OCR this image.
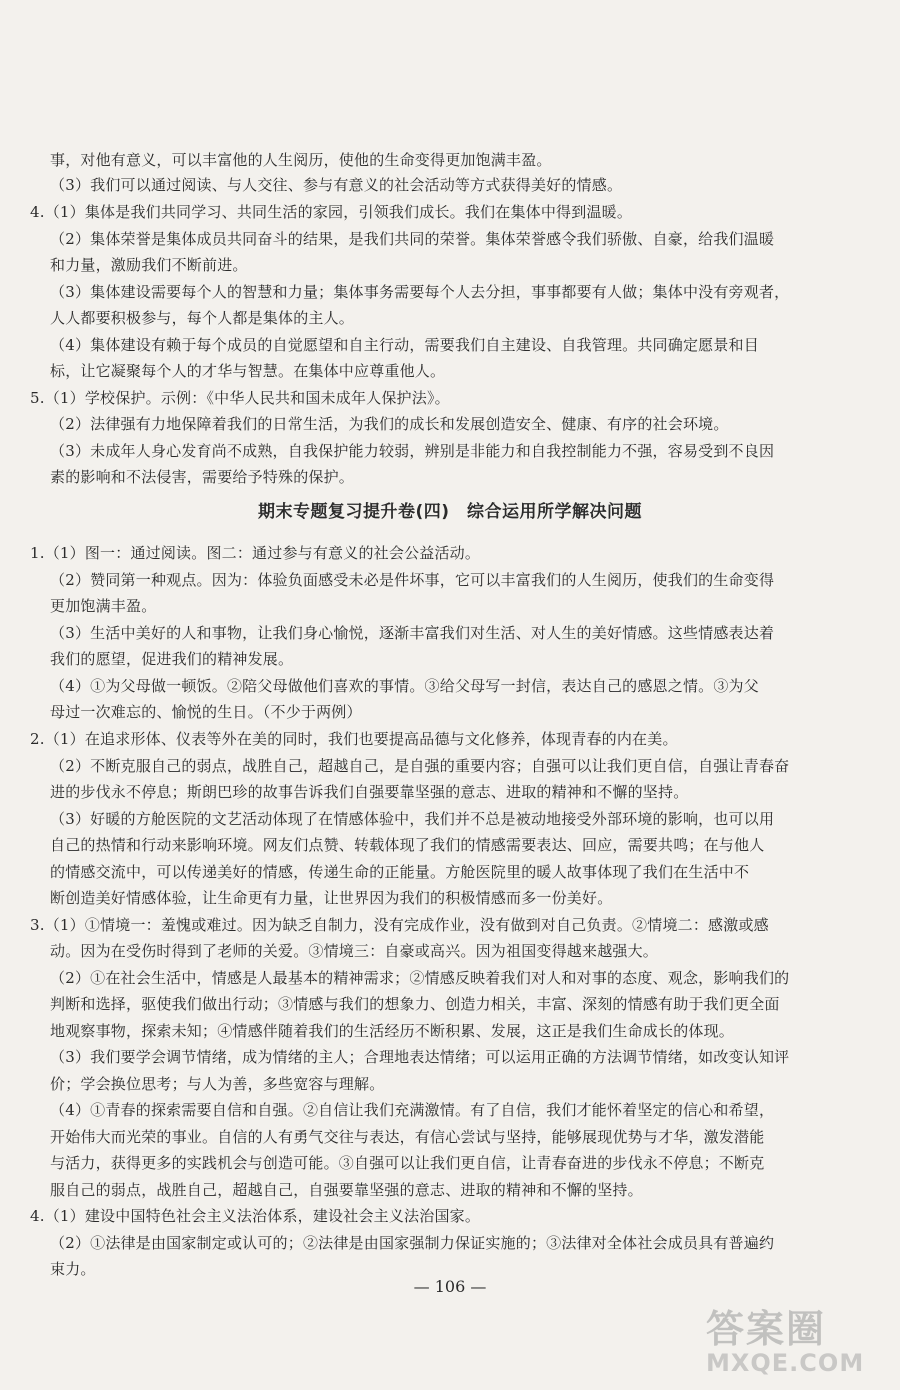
事，对他有意义，可以丰富他的人生阅历，使他的生命变得更加饱满丰盈。
（3）我们可以通过阅读、与人交往、参与有意义的社会活动等方式获得美好的情感。
4.（1）集体是我们共同学习、共同生活的家园，引领我们成长。我们在集体中得到温暖。
（2）集体荣誉是集体成员共同奋斗的结果，是我们共同的荣誉。集体荣誉感令我们骄傲、自豪，给我们温暖
和力量，激励我们不断前进。
（3）集体建设需要每个人的智慧和力量；集体事务需要每个人去分担，事事都要有人做；集体中没有旁观者，
人人都要积极参与，每个人都是集体的主人。
（4）集体建设有赖于每个成员的自觉愿望和自主行动，需要我们自主建设、自我管理。共同确定愿景和目
标，让它凝聚每个人的才华与智慧。在集体中应尊重他人。
5.（1）学校保护。示例：《中华人民共和国未成年人保护法》。
（2）法律强有力地保障着我们的日常生活，为我们的成长和发展创造安全、健康、有序的社会环境。
（3）未成年人身心发育尚不成熟，自我保护能力较弱，辨别是非能力和自我控制能力不强，容易受到不良因
素的影响和不法侵害，需要给予特殊的保护。
期末专题复习提升卷(四)　综合运用所学解决问题
1.（1）图一：通过阅读。图二：通过参与有意义的社会公益活动。
（2）赞同第一种观点。因为：体验负面感受未必是件坏事，它可以丰富我们的人生阅历，使我们的生命变得
更加饱满丰盈。
（3）生活中美好的人和事物，让我们身心愉悦，逐渐丰富我们对生活、对人生的美好情感。这些情感表达着
我们的愿望，促进我们的精神发展。
（4）①为父母做一顿饭。②陪父母做他们喜欢的事情。③给父母写一封信，表达自己的感恩之情。③为父
母过一次难忘的、愉悦的生日。（不少于两例）
2.（1）在追求形体、仪表等外在美的同时，我们也要提高品德与文化修养，体现青春的内在美。
（2）不断克服自己的弱点，战胜自己，超越自己，是自强的重要内容；自强可以让我们更自信，自强让青春奋
进的步伐永不停息；斯朗巴珍的故事告诉我们自强要靠坚强的意志、进取的精神和不懈的坚持。
（3）好暖的方舱医院的文艺活动体现了在情感体验中，我们并不总是被动地接受外部环境的影响，也可以用
自己的热情和行动来影响环境。网友们点赞、转载体现了我们的情感需要表达、回应，需要共鸣；在与他人
的情感交流中，可以传递美好的情感，传递生命的正能量。方舱医院里的暖人故事体现了我们在生活中不
断创造美好情感体验，让生命更有力量，让世界因为我们的积极情感而多一份美好。
3.（1）①情境一：羞愧或难过。因为缺乏自制力，没有完成作业，没有做到对自己负责。②情境二：感激或感
动。因为在受伤时得到了老师的关爱。③情境三：自豪或高兴。因为祖国变得越来越强大。
（2）①在社会生活中，情感是人最基本的精神需求；②情感反映着我们对人和对事的态度、观念，影响我们的
判断和选择，驱使我们做出行动；③情感与我们的想象力、创造力相关，丰富、深刻的情感有助于我们更全面
地观察事物，探索未知；④情感伴随着我们的生活经历不断积累、发展，这正是我们生命成长的体现。
（3）我们要学会调节情绪，成为情绪的主人；合理地表达情绪；可以运用正确的方法调节情绪，如改变认知评
价；学会换位思考；与人为善，多些宽容与理解。
（4）①青春的探索需要自信和自强。②自信让我们充满激情。有了自信，我们才能怀着坚定的信心和希望，
开始伟大而光荣的事业。自信的人有勇气交往与表达，有信心尝试与坚持，能够展现优势与才华，激发潜能
与活力，获得更多的实践机会与创造可能。③自强可以让我们更自信，让青春奋进的步伐永不停息；不断克
服自己的弱点，战胜自己，超越自己，自强要靠坚强的意志、进取的精神和不懈的坚持。
4.（1）建设中国特色社会主义法治体系，建设社会主义法治国家。
（2）①法律是由国家制定或认可的；②法律是由国家强制力保证实施的；③法律对全体社会成员具有普遍约
束力。
— 106 —
答案圈
MXQE.COM
